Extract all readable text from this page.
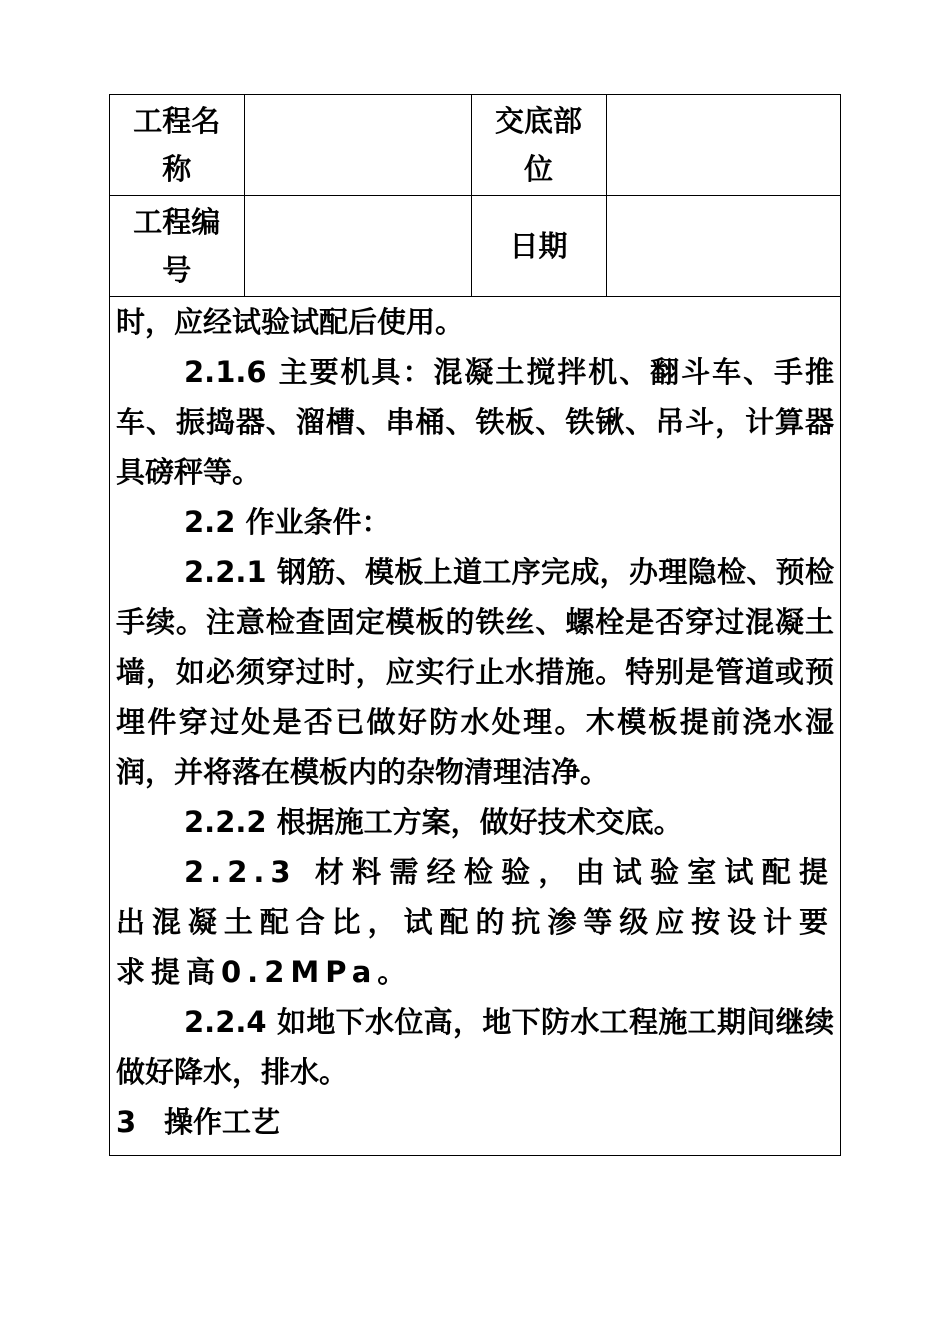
工程名称		交底部位	
工程编号		日期	

时，应经试验试配后使用。

2.1.6 主要机具：混凝土搅拌机、翻斗车、手推车、振捣器、溜槽、串桶、铁板、铁锹、吊斗，计算器具磅秤等。

2.2 作业条件：

2.2.1 钢筋、模板上道工序完成，办理隐检、预检手续。注意检查固定模板的铁丝、螺栓是否穿过混凝土墙，如必须穿过时，应实行止水措施。特别是管道或预埋件穿过处是否已做好防水处理。木模板提前浇水湿润，并将落在模板内的杂物清理洁净。

2.2.2 根据施工方案，做好技术交底。

2.2.3 材料需经检验，由试验室试配提出混凝土配合比，试配的抗渗等级应按设计要求提高0.2MPa。

2.2.4 如地下水位高，地下防水工程施工期间继续做好降水，排水。

3 操作工艺
